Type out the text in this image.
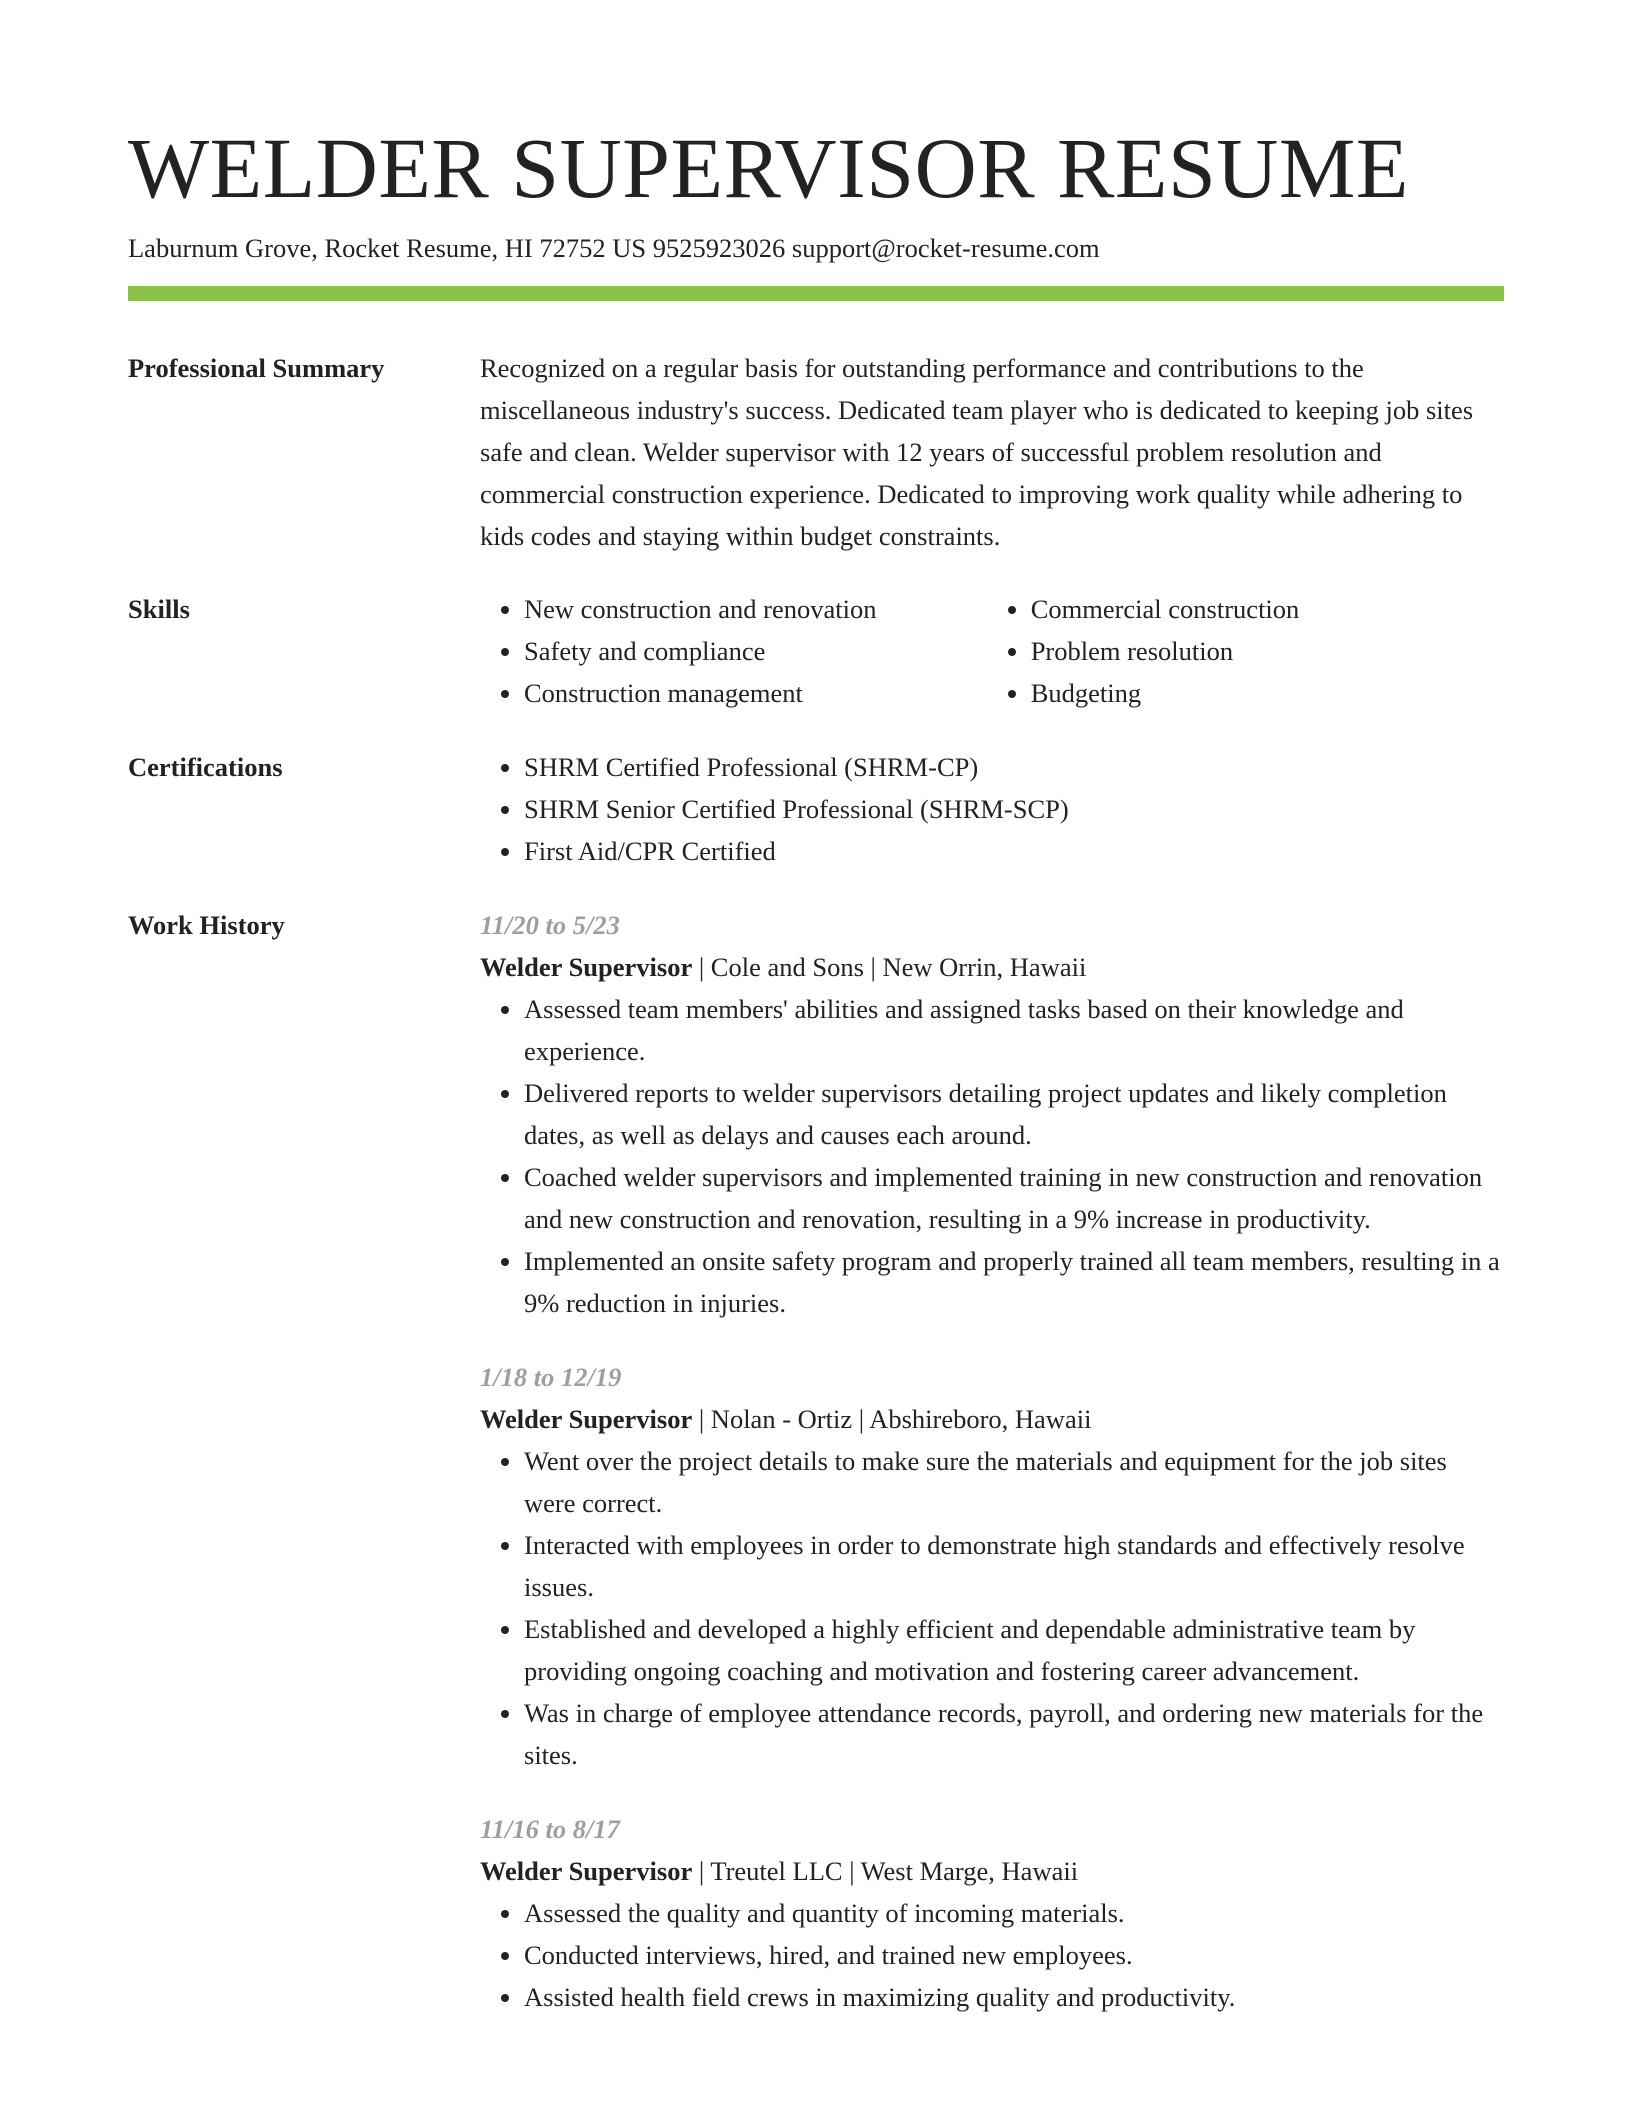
WELDER SUPERVISOR RESUME
Laburnum Grove, Rocket Resume, HI 72752 US 9525923026 support@rocket-resume.com
Professional Summary	Recognized on a regular basis for outstanding performance and contributions to the miscellaneous industry's success. Dedicated team player who is dedicated to keeping job sites safe and clean. Welder supervisor with 12 years of successful problem resolution and commercial construction experience. Dedicated to improving work quality while adhering to kids codes and staying within budget constraints.

Skills	• New construction and renovation
• Safety and compliance
• Construction management
• Commercial construction
• Problem resolution
• Budgeting
Certifications	• SHRM Certified Professional (SHRM-CP)
• SHRM Senior Certified Professional (SHRM-SCP)
• First Aid/CPR Certified
Work History	11/20 to 5/23
Welder Supervisor | Cole and Sons | New Orrin, Hawaii
• Assessed team members' abilities and assigned tasks based on their knowledge and experience.
• Delivered reports to welder supervisors detailing project updates and likely completion dates, as well as delays and causes each around.
• Coached welder supervisors and implemented training in new construction and renovation and new construction and renovation, resulting in a 9% increase in productivity.
• Implemented an onsite safety program and properly trained all team members, resulting in a 9% reduction in injuries.
1/18 to 12/19
Welder Supervisor | Nolan - Ortiz | Abshireboro, Hawaii
• Went over the project details to make sure the materials and equipment for the job sites were correct.
• Interacted with employees in order to demonstrate high standards and effectively resolve issues.
• Established and developed a highly efficient and dependable administrative team by providing ongoing coaching and motivation and fostering career advancement.
• Was in charge of employee attendance records, payroll, and ordering new materials for the sites.
11/16 to 8/17
Welder Supervisor | Treutel LLC | West Marge, Hawaii
• Assessed the quality and quantity of incoming materials.
• Conducted interviews, hired, and trained new employees.
• Assisted health field crews in maximizing quality and productivity.
